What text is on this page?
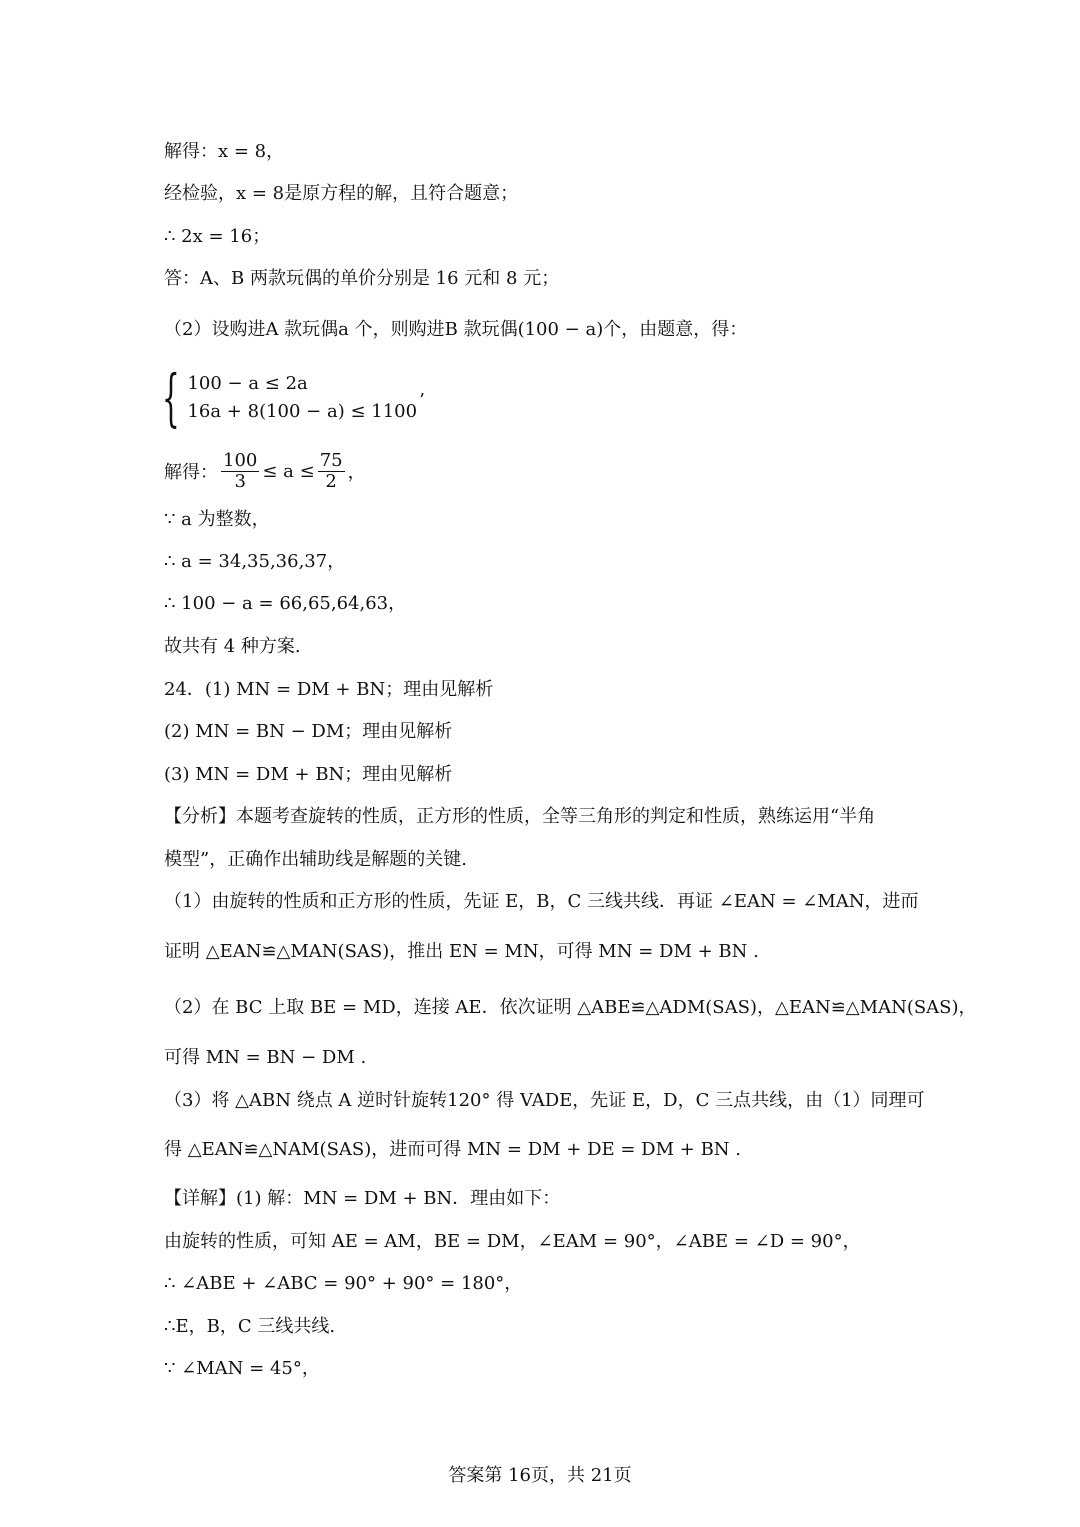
解得：x = 8，
经检验，x = 8是原方程的解，且符合题意；
∴ 2x = 16；
答：A、B 两款玩偶的单价分别是 16 元和 8 元；
（2）设购进A 款玩偶a 个，则购进B 款玩偶(100 − a)个，由题意，得：
{ 100 − a ≤ 2a
16a + 8(100 − a) ≤ 1100
’
解得： $\frac{100}{3} \le a \le \frac{75}{2}$ ，
∵ a 为整数，
∴ a = 34,35,36,37，
∴ 100 − a = 66,65,64,63，
故共有 4 种方案.
24．(1) MN = DM + BN；理由见解析
(2) MN = BN − DM；理由见解析
(3) MN = DM + BN；理由见解析
【分析】本题考查旋转的性质，正方形的性质，全等三角形的判定和性质，熟练运用“半角
模型”，正确作出辅助线是解题的关键.
（1）由旋转的性质和正方形的性质，先证 E，B，C 三线共线．再证 ∠EAN = ∠MAN，进而
证明 △EAN≌△MAN(SAS)，推出 EN = MN，可得 MN = DM + BN .
（2）在 BC 上取 BE = MD，连接 AE．依次证明 △ABE≌△ADM(SAS)，△EAN≌△MAN(SAS)，
可得 MN = BN − DM .
（3）将 △ABN 绕点 A 逆时针旋转120° 得 VADE，先证 E，D，C 三点共线，由（1）同理可
得 △EAN≌△NAM(SAS)，进而可得 MN = DM + DE = DM + BN .
【详解】(1) 解：MN = DM + BN．理由如下：
由旋转的性质，可知 AE = AM，BE = DM，∠EAM = 90°，∠ABE = ∠D = 90°，
∴ ∠ABE + ∠ABC = 90° + 90° = 180°，
∴E，B，C 三线共线.
∵ ∠MAN = 45°，
答案第 16页，共 21页
